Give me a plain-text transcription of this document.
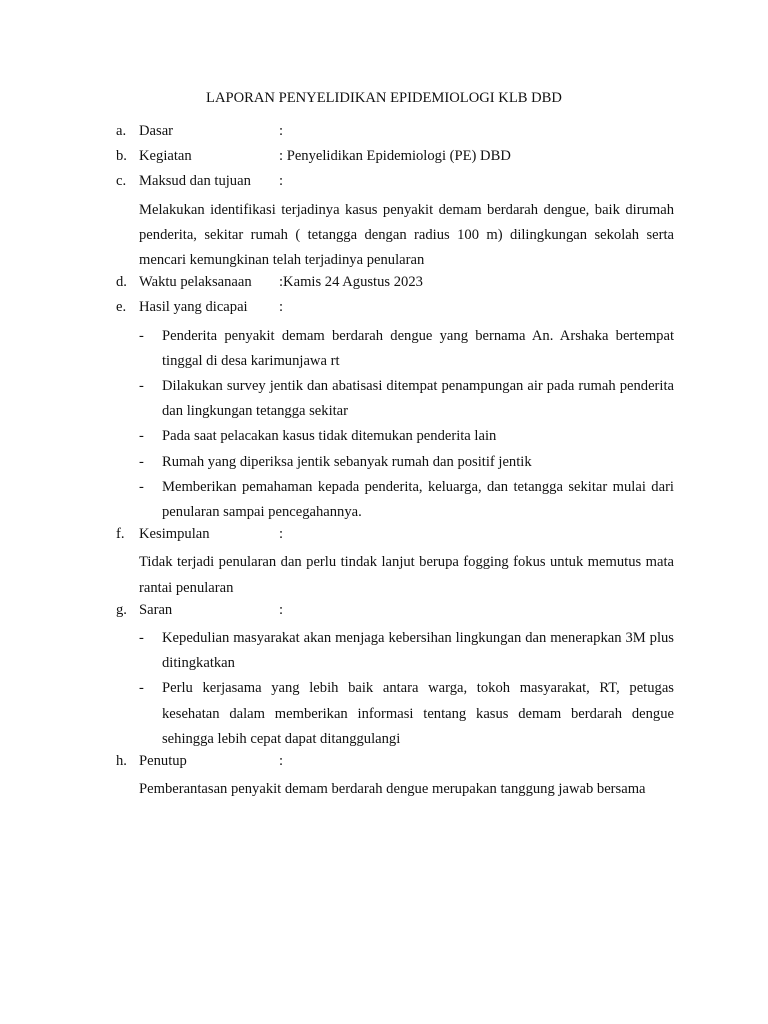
LAPORAN PENYELIDIKAN EPIDEMIOLOGI KLB DBD
a. Dasar	:
b. Kegiatan	: Penyelidikan Epidemiologi (PE) DBD
c. Maksud dan tujuan :

Melakukan identifikasi terjadinya kasus penyakit demam berdarah dengue, baik dirumah penderita, sekitar rumah ( tetangga dengan radius 100 m) dilingkungan sekolah serta mencari kemungkinan telah terjadinya penularan

d. Waktu pelaksanaan :Kamis 24 Agustus 2023
e. Hasil yang dicapai :
- Penderita penyakit demam berdarah dengue yang bernama An. Arshaka bertempat tinggal di desa karimunjawa rt
- Dilakukan survey jentik dan abatisasi ditempat penampungan air pada rumah penderita dan lingkungan tetangga sekitar
- Pada saat pelacakan kasus tidak ditemukan penderita lain
- Rumah yang diperiksa jentik sebanyak rumah dan positif jentik
- Memberikan pemahaman kepada penderita, keluarga, dan tetangga sekitar mulai dari penularan sampai pencegahannya.
f. Kesimpulan	:

Tidak terjadi penularan dan perlu tindak lanjut berupa fogging fokus untuk memutus mata rantai penularan

g. Saran	:
- Kepedulian masyarakat akan menjaga kebersihan lingkungan dan menerapkan 3M plus ditingkatkan
- Perlu kerjasama yang lebih baik antara warga, tokoh masyarakat, RT, petugas kesehatan dalam memberikan informasi tentang kasus demam berdarah dengue sehingga lebih cepat dapat ditanggulangi
h. Penutup	:

Pemberantasan penyakit demam berdarah dengue merupakan tanggung jawab bersama
